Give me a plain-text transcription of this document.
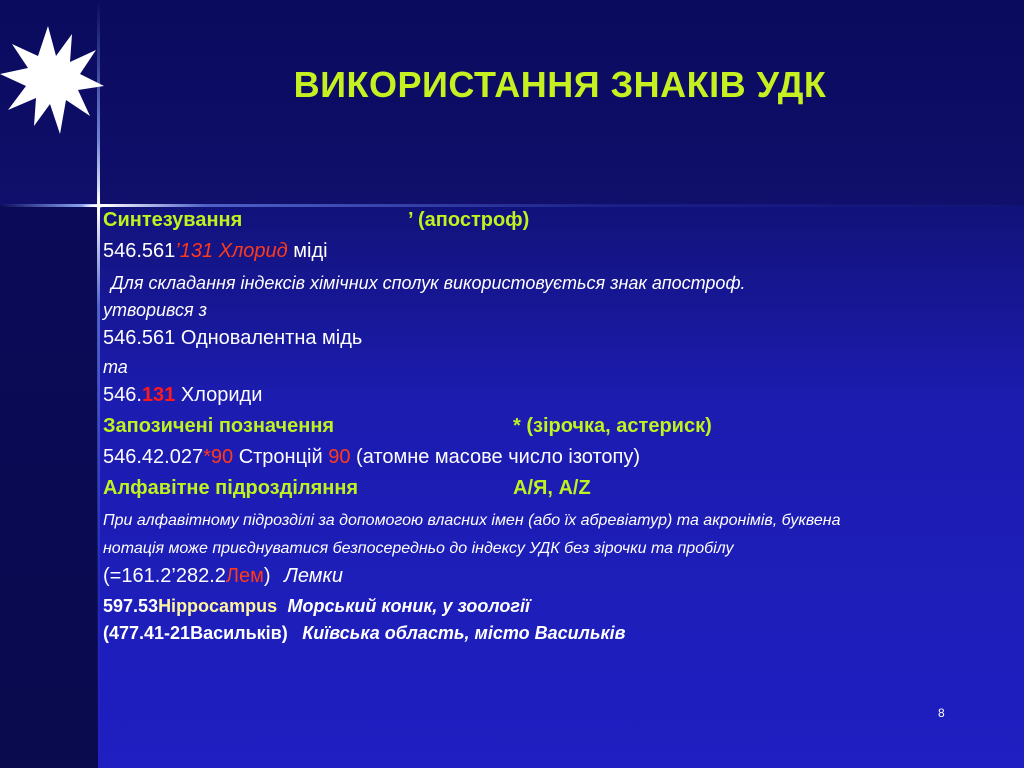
ВИКОРИСТАННЯ ЗНАКІВ УДК
Синтезування	’ (апостроф)
546.561’131 Хлорид міді
Для складання індексів хімічних сполук використовується знак апостроф.
утворився з
546.561 Одновалентна мідь
та
546.131 Хлориди
Запозичені позначення	* (зірочка, астериск)
546.42.027*90 Стронцій 90 (атомне масове число ізотопу)
Алфавітне підрозділяння	А/Я, A/Z
При алфавітному підрозділі за допомогою власних імен (або їх абревіатур) та акронімів, буквена
нотація може приєднуватися безпосередньо до індексу УДК без зірочки та пробілу
(=161.2’282.2Лем) Лемки
597.53Hippocampus Морський коник, у зоології
(477.41-21Васильків) Київська область, місто Васильків
8
